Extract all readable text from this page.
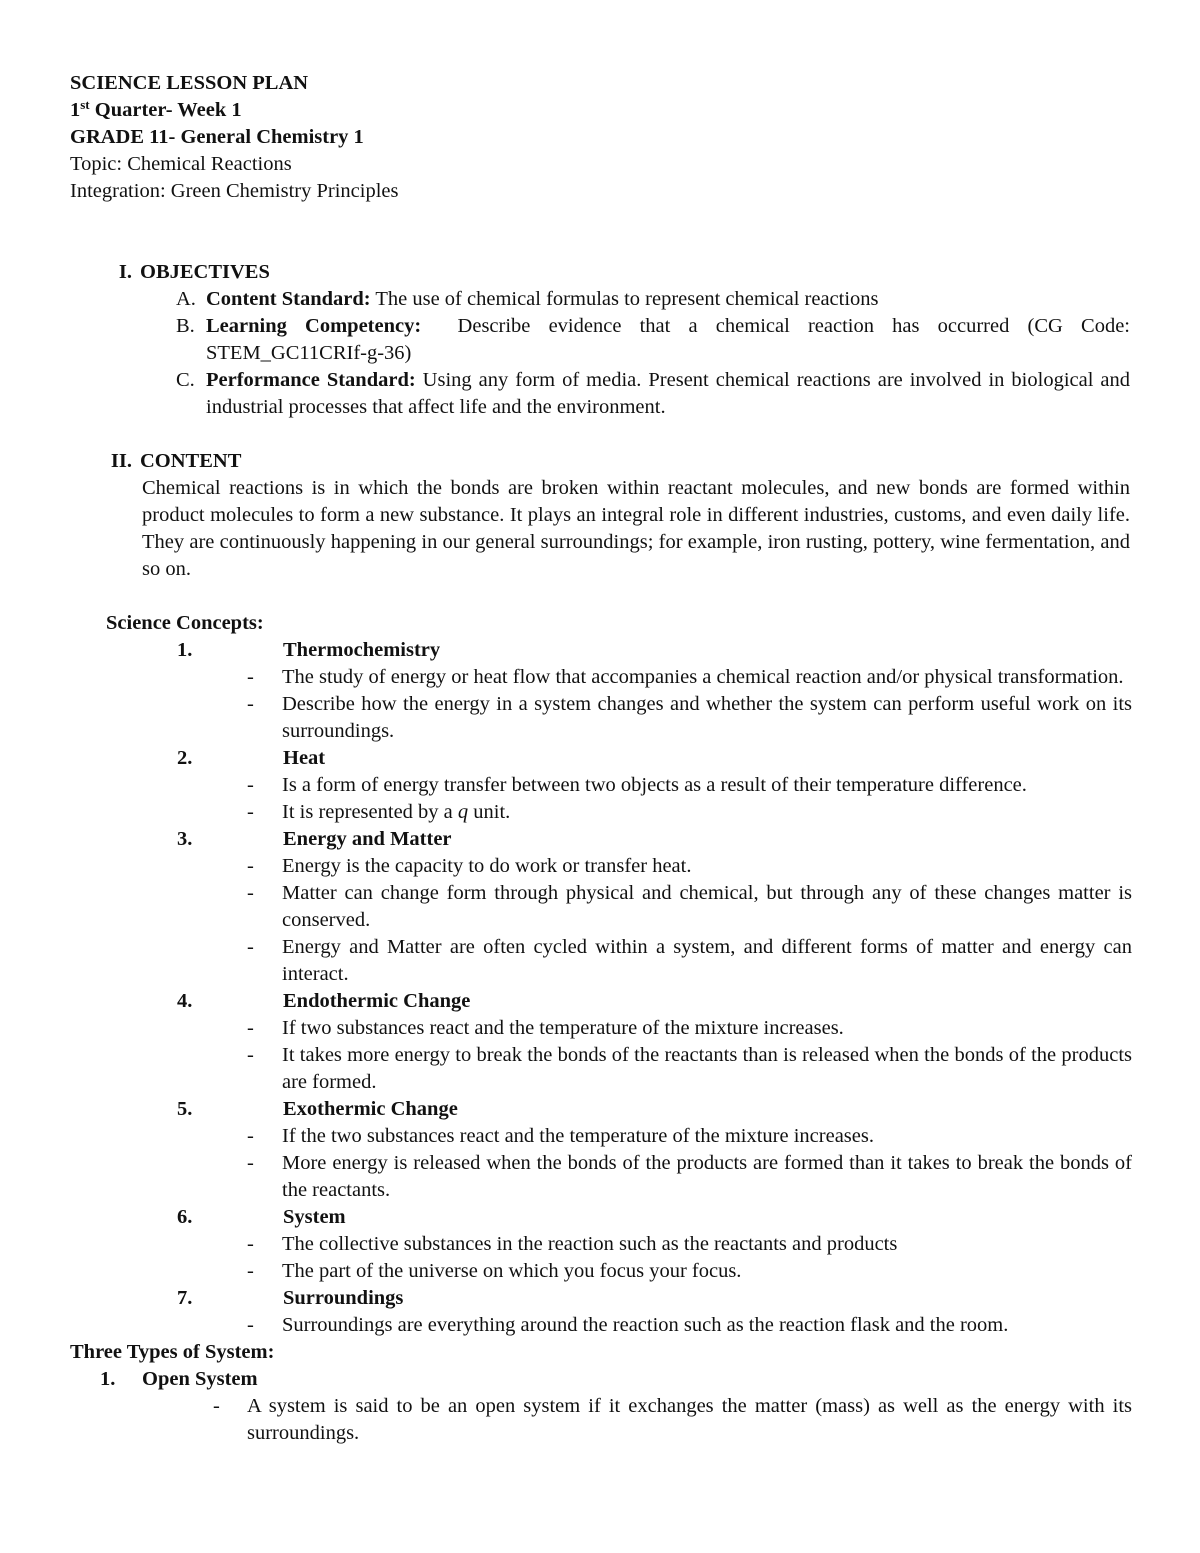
SCIENCE LESSON PLAN
1st Quarter- Week 1
GRADE 11- General Chemistry 1
Topic: Chemical Reactions
Integration: Green Chemistry Principles
I. OBJECTIVES
A. Content Standard: The use of chemical formulas to represent chemical reactions
B. Learning Competency:  Describe evidence that a chemical reaction has occurred (CG Code: STEM_GC11CRIf-g-36)
C. Performance Standard: Using any form of media. Present chemical reactions are involved in biological and industrial processes that affect life and the environment.
II. CONTENT
Chemical reactions is in which the bonds are broken within reactant molecules, and new bonds are formed within product molecules to form a new substance. It plays an integral role in different industries, customs, and even daily life. They are continuously happening in our general surroundings; for example, iron rusting, pottery, wine fermentation, and so on.
Science Concepts:
1.	Thermochemistry
-	The study of energy or heat flow that accompanies a chemical reaction and/or physical transformation.
-	Describe how the energy in a system changes and whether the system can perform useful work on its surroundings.
2.	Heat
-	Is a form of energy transfer between two objects as a result of their temperature difference.
-	It is represented by a q unit.
3.	Energy and Matter
-	Energy is the capacity to do work or transfer heat.
-	Matter can change form through physical and chemical, but through any of these changes matter is conserved.
-	Energy and Matter are often cycled within a system, and different forms of matter and energy can interact.
4.	Endothermic Change
-	If two substances react and the temperature of the mixture increases.
-	It takes more energy to break the bonds of the reactants than is released when the bonds of the products are formed.
5.	Exothermic Change
-	If the two substances react and the temperature of the mixture increases.
-	More energy is released when the bonds of the products are formed than it takes to break the bonds of the reactants.
6.	System
-	The collective substances in the reaction such as the reactants and products
-	The part of the universe on which you focus your focus.
7.	Surroundings
-	Surroundings are everything around the reaction such as the reaction flask and the room.
Three Types of System:
1.	Open System
-	A system is said to be an open system if it exchanges the matter (mass) as well as the energy with its surroundings.
